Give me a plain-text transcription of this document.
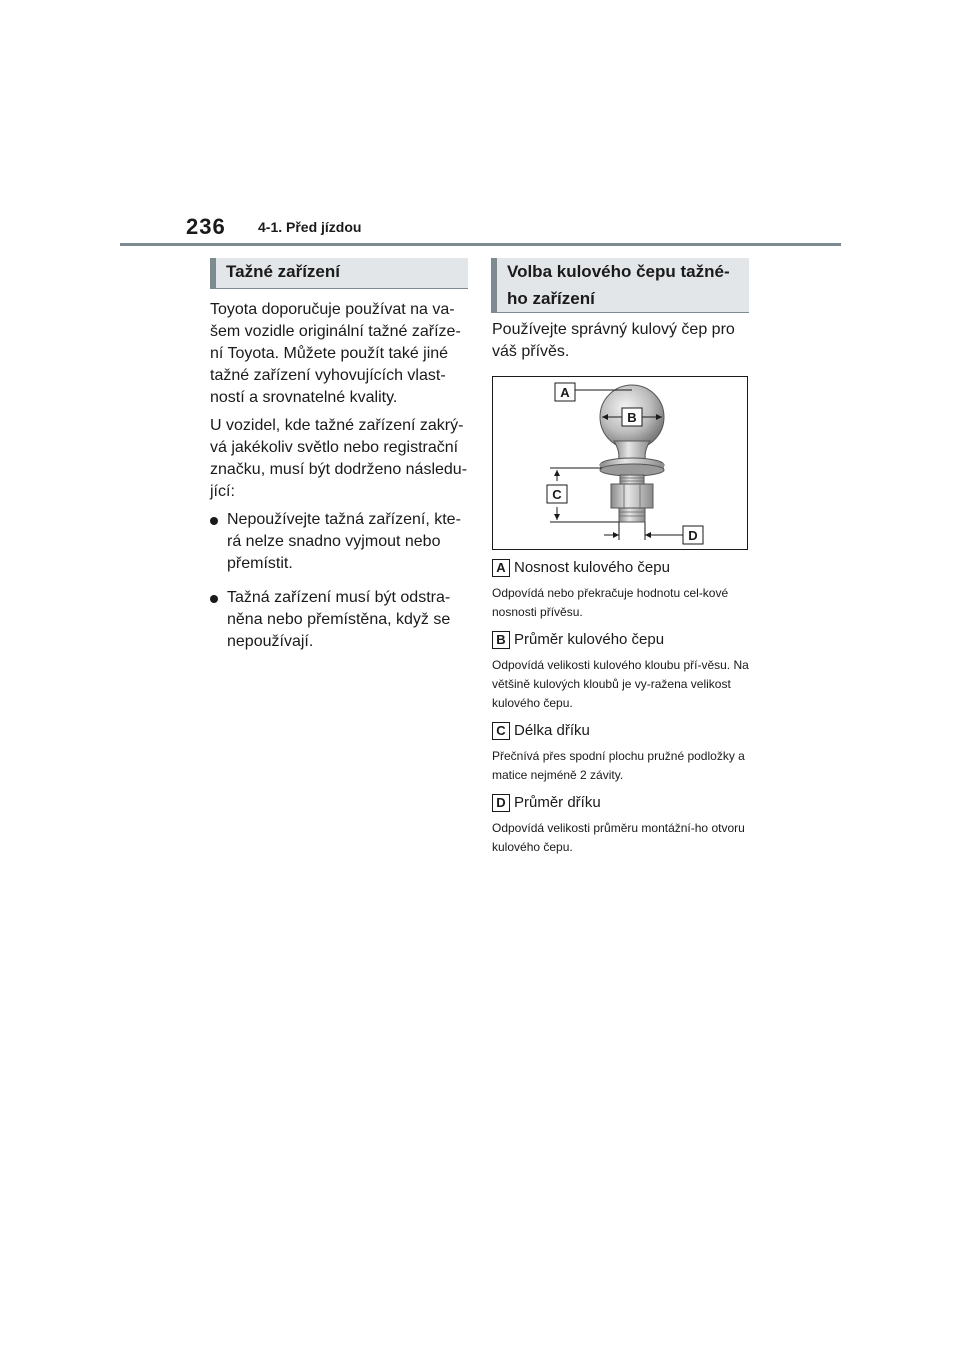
236 4-1. Před jízdou
Tažné zařízení

Toyota doporučuje používat na va-šem vozidle originální tažné zaříze-ní Toyota. Můžete použít také jiné tažné zařízení vyhovujících vlast-ností a srovnatelné kvality.

U vozidel, kde tažné zařízení zakrý-vá jakékoliv světlo nebo registrační značku, musí být dodrženo následu-jící:

Nepoužívejte tažná zařízení, kte-rá nelze snadno vyjmout nebo přemístit.
Tažná zařízení musí být odstra-něna nebo přemístěna, když se nepoužívají.
Volba kulového čepu tažné-
ho zařízení

Používejte správný kulový čep pro váš přívěs.

A
B
C
D
A Nosnost kulového čepu

Odpovídá nebo překračuje hodnotu cel-kové nosnosti přívěsu.

B Průměr kulového čepu

Odpovídá velikosti kulového kloubu pří-věsu. Na většině kulových kloubů je vy-ražena velikost kulového čepu.

C Délka dříku

Přečnívá přes spodní plochu pružné podložky a matice nejméně 2 závity.

D Průměr dříku

Odpovídá velikosti průměru montážní-ho otvoru kulového čepu.
